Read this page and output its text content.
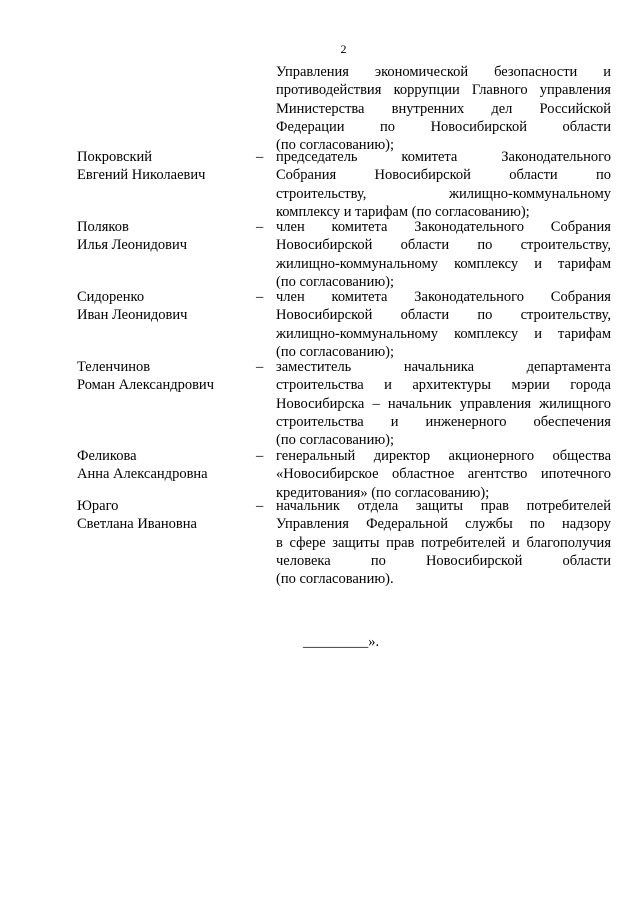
2
Управления экономической безопасности и
противодействия коррупции Главного управления
Министерства внутренних дел Российской
Федерации по Новосибирской области
(по согласованию);
Покровский
Евгений Николаевич
– председатель	комитета	Законодательного
Собрания	Новосибирской	области	по
строительству,	жилищно-коммунальному
комплексу и тарифам (по согласованию);
Поляков
Илья Леонидович
– член комитета Законодательного Собрания
Новосибирской области по строительству,
жилищно-коммунальному комплексу и тарифам
(по согласованию);
Сидоренко
Иван Леонидович
– член комитета Законодательного Собрания
Новосибирской области по строительству,
жилищно-коммунальному комплексу и тарифам
(по согласованию);
Теленчинов
Роман Александрович
– заместитель	начальника	департамента
строительства и архитектуры мэрии города
Новосибирска – начальник управления жилищного
строительства и инженерного обеспечения
(по согласованию);
Феликова
Анна Александровна
– генеральный директор акционерного общества
«Новосибирское областное агентство ипотечного
кредитования» (по согласованию);
Юраго
Светлана Ивановна
– начальник отдела защиты прав потребителей
Управления Федеральной службы по надзору
в сфере защиты прав потребителей и благополучия
человека	по	Новосибирской	области
(по согласованию).
_________».
